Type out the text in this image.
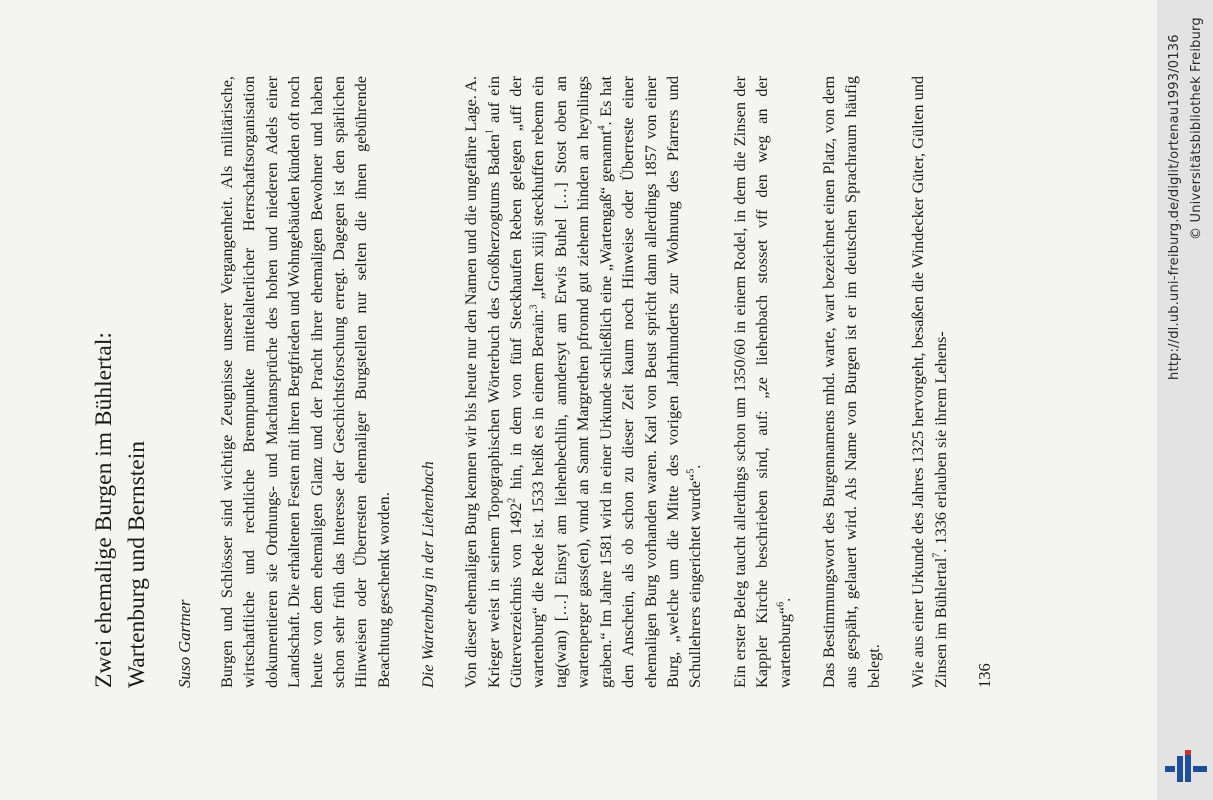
Zwei ehemalige Burgen im Bühlertal: Wartenburg und Bernstein Suso Gartner Burgen und Schlösser sind wichtige Zeugnisse unserer Vergangenheit. Als militärische, wirtschaftliche und rechtliche Brennpunkte mittelalterlicher Herrschaftsorganisation dokumentieren sie Ordnungs- und Machtansprüche des hohen und niederen Adels einer Landschaft. Die erhaltenen Festen mit ihren Bergfrieden und Wohngebäuden künden oft noch heute von dem ehemaligen Glanz und der Pracht ihrer ehemaligen Bewohner und haben schon sehr früh das Interesse der Geschichtsforschung erregt. Dagegen ist den spärlichen Hinweisen oder Überresten ehemaliger Burgstellen nur selten die ihnen gebührende Beachtung geschenkt worden. Die Wartenburg in der Liehenbach Von dieser ehemaligen Burg kennen wir bis heute nur den Namen und die ungefähre Lage. A. Krieger weist in seinem Topographischen Wörterbuch des Großherzogtums Baden$^1$ auf ein Güterverzeichnis von 1492$^2$ hin, in dem von fünf Steckhaufen Reben gelegen „uff der wartenburg“ die Rede ist. 1533 heißt es in einem Berain:$^3$ „Item xiiij steckhuffen rebenn ein tag(wan) […] Einsyt am liehenbechlin, anndersyt am Erwis Buhel […] Stost oben an wartenperger gass(en), vnnd an Sannt Margrethen pfronnd gut ziehenn hinden an heynlings graben.“ Im Jahre 1581 wird in einer Urkunde schließlich eine „Wartengaß“ genannt$^4$. Es hat den Anschein, als ob schon zu dieser Zeit kaum noch Hinweise oder Überreste einer ehemaligen Burg vorhanden waren. Karl von Beust spricht dann allerdings 1857 von einer Burg, „welche um die Mitte des vorigen Jahrhunderts zur Wohnung des Pfarrers und Schullehrers eingerichtet wurde“$^5$. Ein erster Beleg taucht allerdings schon um 1350/60 in einem Rodel, in dem die Zinsen der Kappler Kirche beschrieben sind, auf: „ze liehenbach stosset vff den weg an der wartenburg“$^6$. Das Bestimmungswort des Burgennamens mhd. warte, wart bezeichnet einen Platz, von dem aus gespäht, gelauert wird. Als Name von Burgen ist er im deutschen Sprachraum häufig belegt. Wie aus einer Urkunde des Jahres 1325 hervorgeht, besaßen die Windecker Güter, Gülten und Zinsen im Bühlertal$^7$. 1336 erlauben sie ihrem Lehens-

136
http://dl.ub.uni-freiburg.de/diglit/ortenau1993/0136 © Universitätsbibliothek Freiburg
